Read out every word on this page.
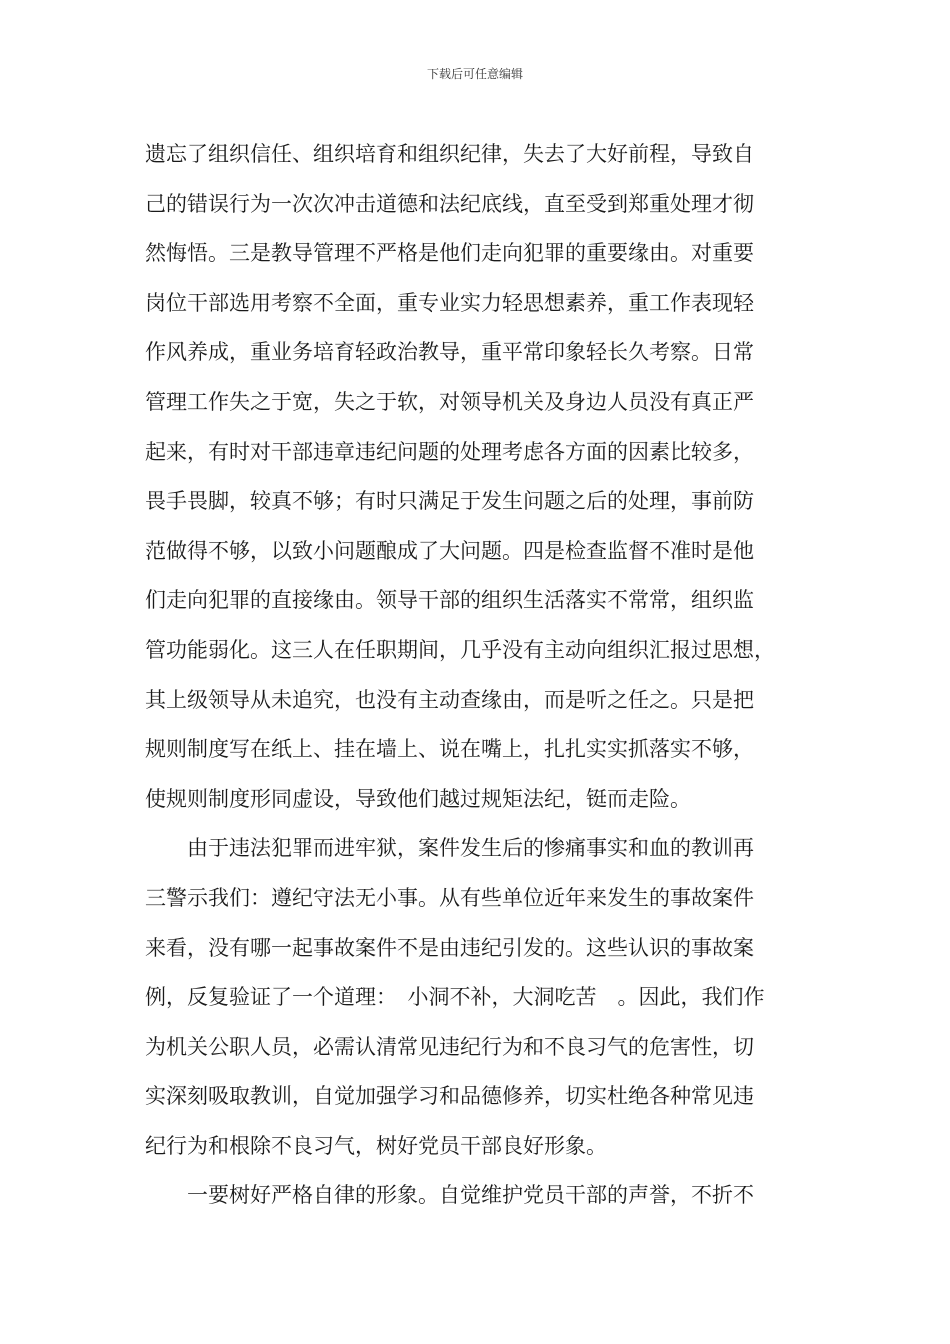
下载后可任意编辑
遗忘了组织信任、组织培育和组织纪律，失去了大好前程，导致自
己的错误行为一次次冲击道德和法纪底线，直至受到郑重处理才彻
然悔悟。三是教导管理不严格是他们走向犯罪的重要缘由。对重要
岗位干部选用考察不全面，重专业实力轻思想素养，重工作表现轻
作风养成，重业务培育轻政治教导，重平常印象轻长久考察。日常
管理工作失之于宽，失之于软，对领导机关及身边人员没有真正严
起来，有时对干部违章违纪问题的处理考虑各方面的因素比较多，
畏手畏脚，较真不够；有时只满足于发生问题之后的处理，事前防
范做得不够，以致小问题酿成了大问题。四是检查监督不准时是他
们走向犯罪的直接缘由。领导干部的组织生活落实不常常，组织监
管功能弱化。这三人在任职期间，几乎没有主动向组织汇报过思想，
其上级领导从未追究，也没有主动查缘由，而是听之任之。只是把
规则制度写在纸上、挂在墙上、说在嘴上，扎扎实实抓落实不够，
使规则制度形同虚设，导致他们越过规矩法纪，铤而走险。
　　由于违法犯罪而进牢狱，案件发生后的惨痛事实和血的教训再
三警示我们：遵纪守法无小事。从有些单位近年来发生的事故案件
来看，没有哪一起事故案件不是由违纪引发的。这些认识的事故案
例，反复验证了一个道理：　小洞不补，大洞吃苦　。因此，我们作
为机关公职人员，必需认清常见违纪行为和不良习气的危害性，切
实深刻吸取教训，自觉加强学习和品德修养，切实杜绝各种常见违
纪行为和根除不良习气，树好党员干部良好形象。
　　一要树好严格自律的形象。自觉维护党员干部的声誉，不折不
